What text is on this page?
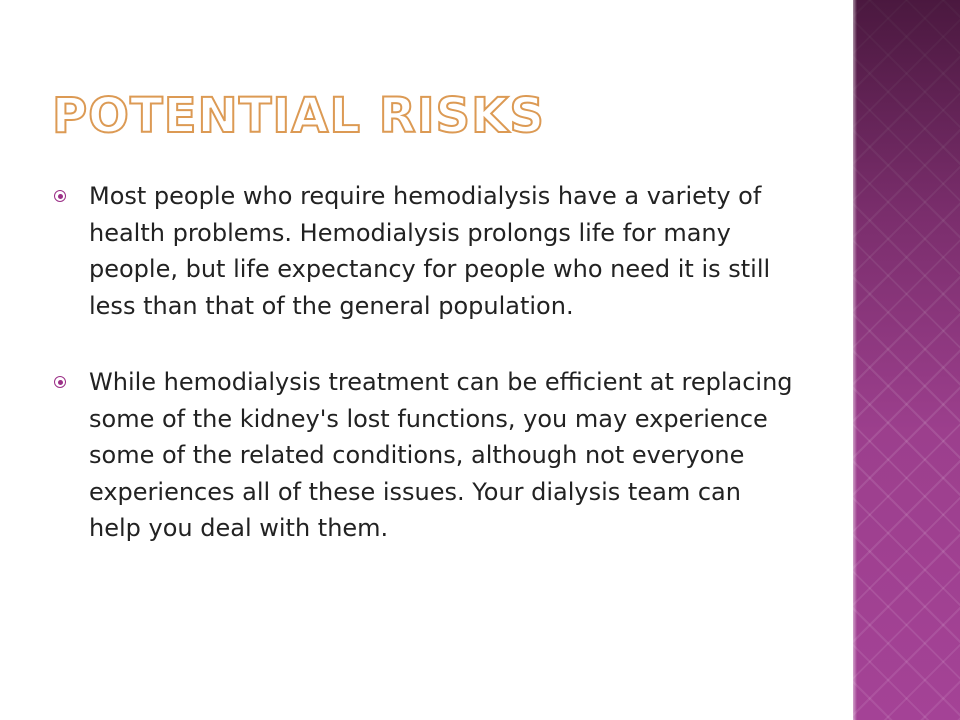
POTENTIAL RISKS
Most people who require hemodialysis have a variety of health problems. Hemodialysis prolongs life for many people, but life expectancy for people who need it is still less than that of the general population.
While hemodialysis treatment can be efficient at replacing some of the kidney's lost functions, you may experience some of the related conditions, although not everyone experiences all of these issues. Your dialysis team can help you deal with them.
